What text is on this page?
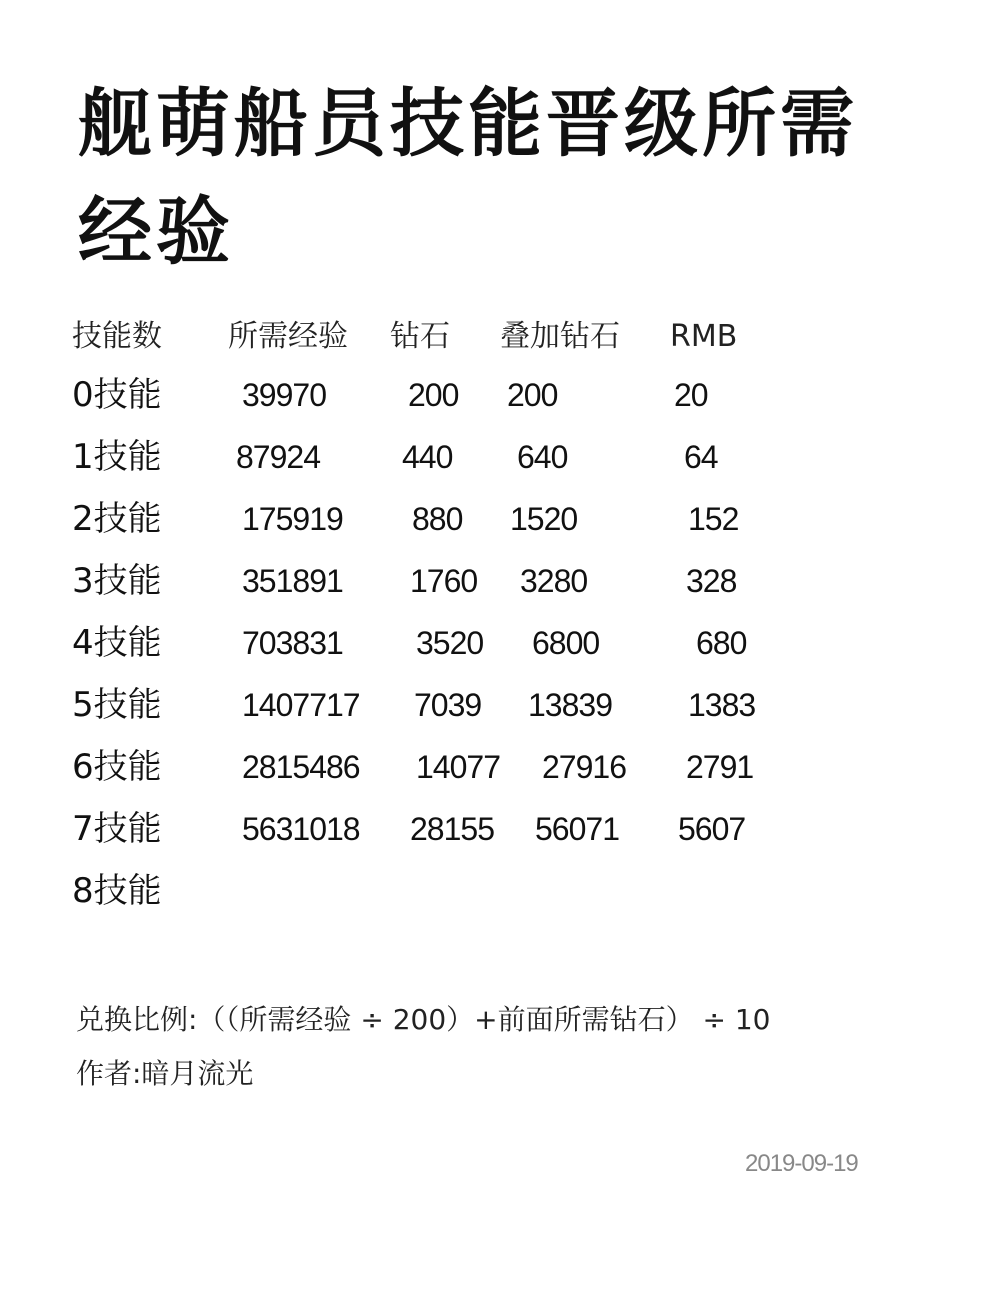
舰萌船员技能晋级所需经验
技能数 所需经验 钻石 叠加钻石 RMB
0技能	39970	200 200	20
1技能 87924	440 640	64
2技能	175919 880 1520	152
3技能	351891 1760 3280	328
4技能	703831 3520 6800	680
5技能	1407717 7039 13839 1383
6技能	2815486 14077 27916 2791
7技能	5631018 28155 56071 5607
8技能
兑换比例:（（所需经验 ÷ 200）+前面所需钻石） ÷ 10
作者:暗月流光
2019-09-19
